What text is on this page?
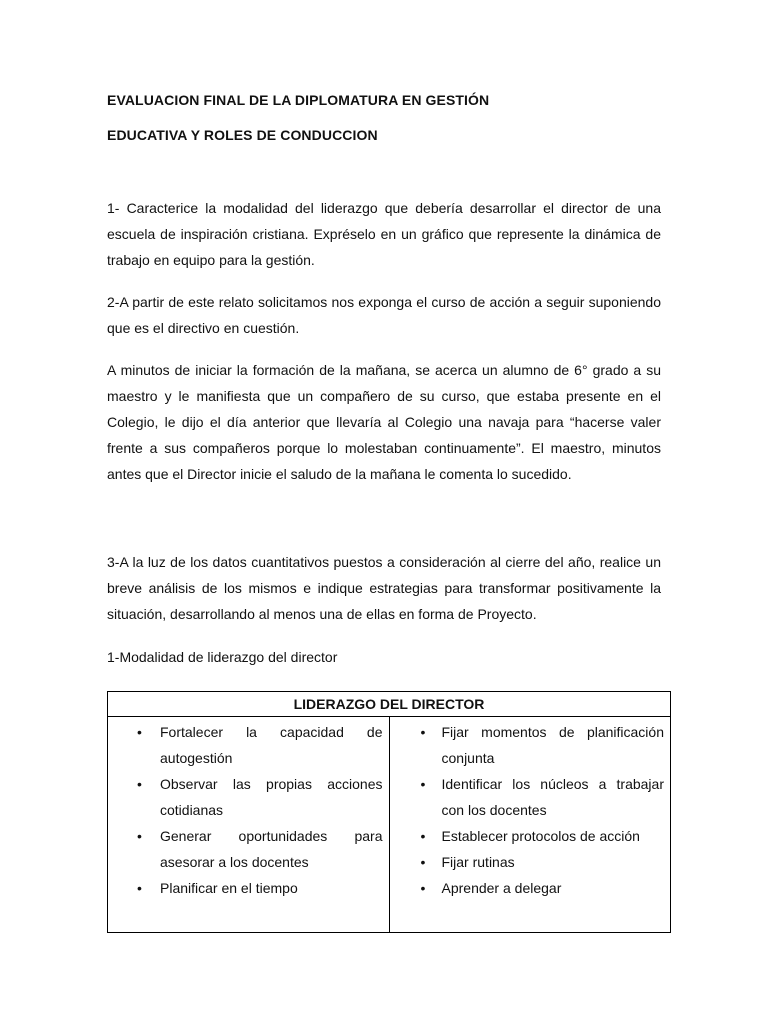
EVALUACION FINAL DE LA DIPLOMATURA EN GESTIÓN
EDUCATIVA Y ROLES DE CONDUCCION
1- Caracterice la modalidad del liderazgo que debería desarrollar el director de una escuela de inspiración cristiana. Expréselo en un gráfico que represente la dinámica de trabajo en equipo para la gestión.
2-A partir de este relato solicitamos nos exponga el curso de acción a seguir suponiendo que es el directivo en cuestión.
A minutos de iniciar la formación de la mañana, se acerca un alumno de 6° grado a su maestro y le manifiesta que un compañero de su curso, que estaba presente en el Colegio, le dijo el día anterior que llevaría al Colegio una navaja para “hacerse valer frente a sus compañeros porque lo molestaban continuamente”. El maestro, minutos antes que el Director inicie el saludo de la mañana le comenta lo sucedido.
3-A la luz de los datos cuantitativos puestos a consideración al cierre del año, realice un breve análisis de los mismos e indique estrategias para transformar positivamente la situación, desarrollando al menos una de ellas en forma de Proyecto.
1-Modalidad de liderazgo del director
LIDERAZGO DEL DIRECTOR

• Fortalecer la capacidad de autogestión
• Observar las propias acciones cotidianas
• Generar oportunidades para asesorar a los docentes
• Planificar en el tiempo

• Fijar momentos de planificación conjunta
• Identificar los núcleos a trabajar con los docentes
• Establecer protocolos de acción
• Fijar rutinas
• Aprender a delegar
